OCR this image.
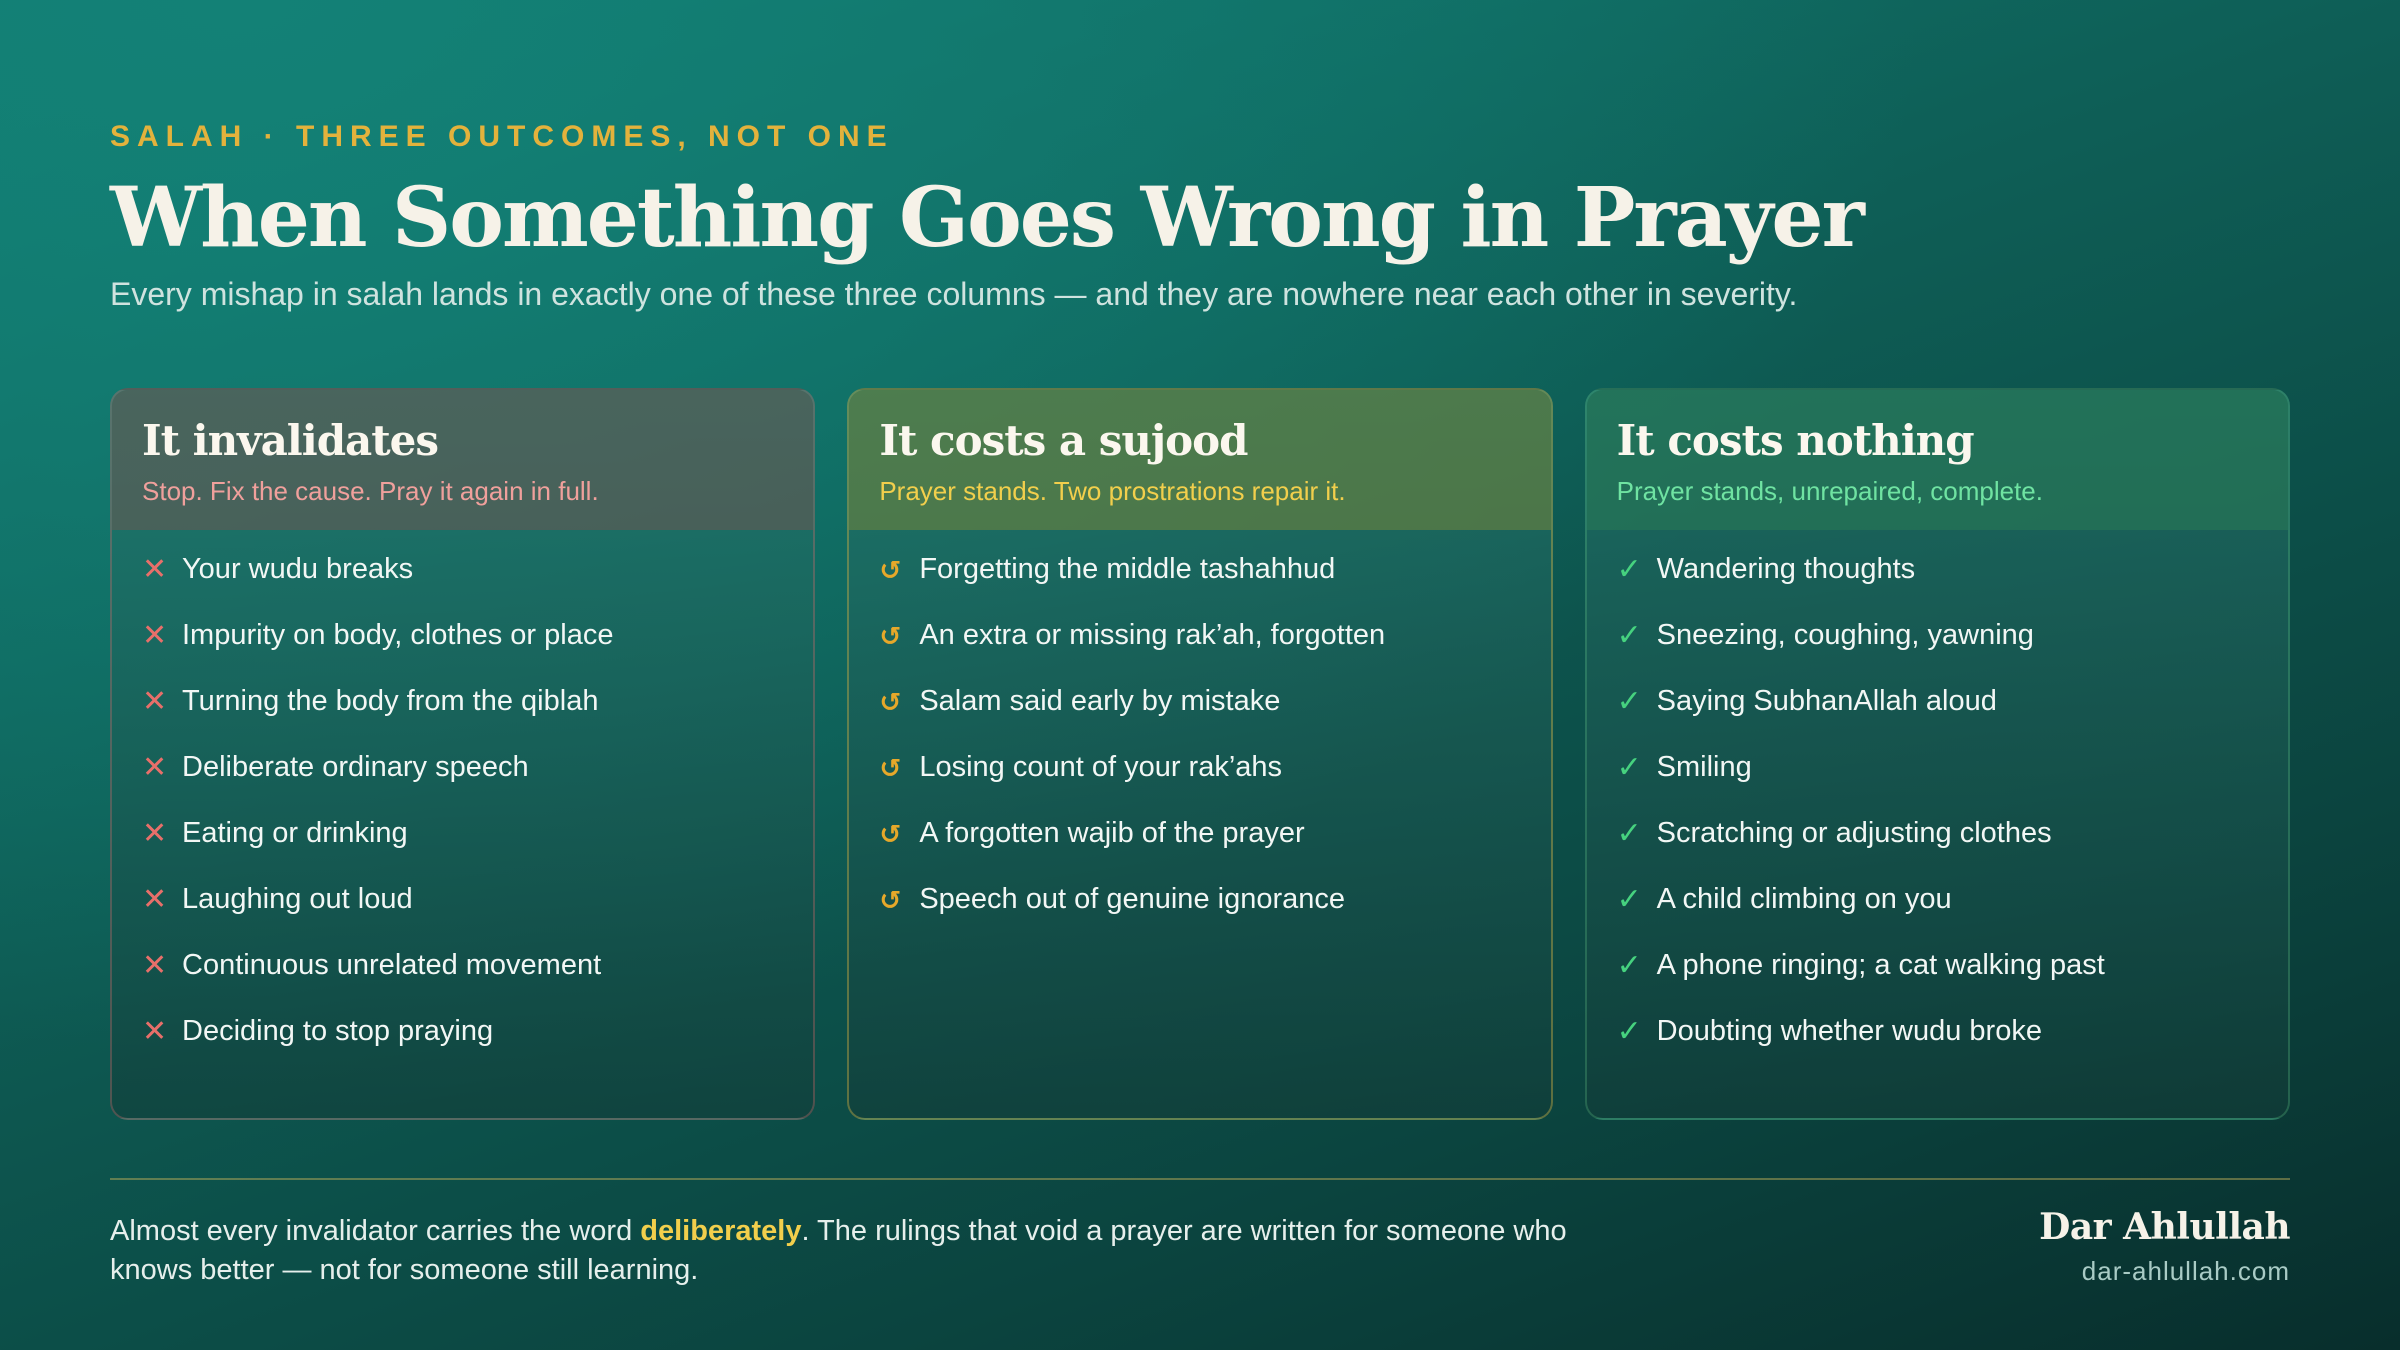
SALAH · THREE OUTCOMES, NOT ONE
When Something Goes Wrong in Prayer
Every mishap in salah lands in exactly one of these three columns — and they are nowhere near each other in severity.
It invalidates
Stop. Fix the cause. Pray it again in full.
✕ Your wudu breaks
✕ Impurity on body, clothes or place
✕ Turning the body from the qiblah
✕ Deliberate ordinary speech
✕ Eating or drinking
✕ Laughing out loud
✕ Continuous unrelated movement
✕ Deciding to stop praying
It costs a sujood
Prayer stands. Two prostrations repair it.
↺ Forgetting the middle tashahhud
↺ An extra or missing rak’ah, forgotten
↺ Salam said early by mistake
↺ Losing count of your rak’ahs
↺ A forgotten wajib of the prayer
↺ Speech out of genuine ignorance
It costs nothing
Prayer stands, unrepaired, complete.
✓ Wandering thoughts
✓ Sneezing, coughing, yawning
✓ Saying SubhanAllah aloud
✓ Smiling
✓ Scratching or adjusting clothes
✓ A child climbing on you
✓ A phone ringing; a cat walking past
✓ Doubting whether wudu broke

Almost every invalidator carries the word deliberately. The rulings that void a prayer are written for someone who knows better — not for someone still learning.

Dar Ahlullah
dar-ahlullah.com
